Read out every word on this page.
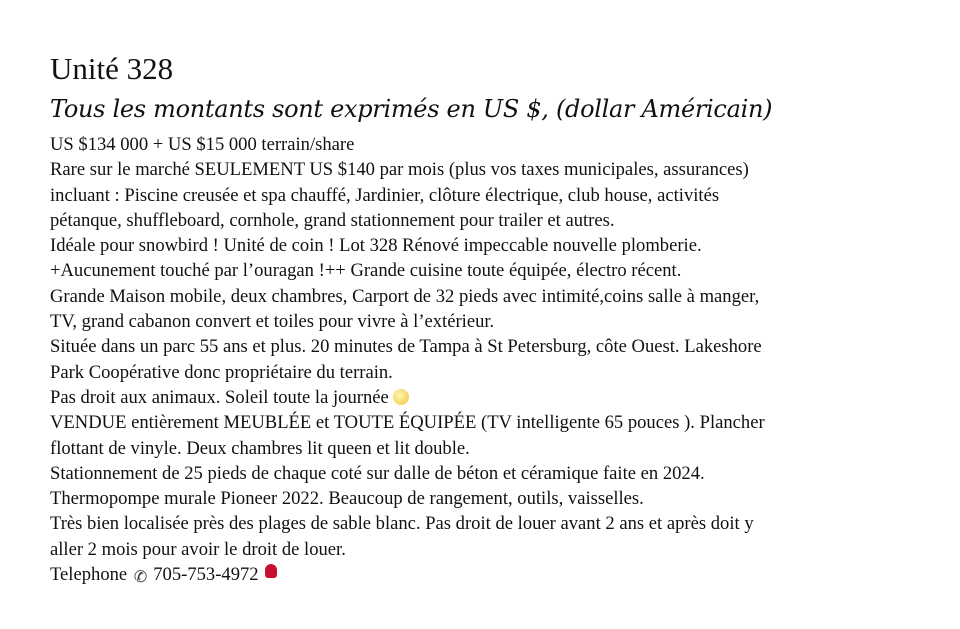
Unité 328
Tous les montants sont exprimés en US $, (dollar Américain)
US $134 000 + US $15 000 terrain/share
Rare sur le marché SEULEMENT US $140 par mois (plus vos taxes municipales, assurances)
incluant : Piscine creusée et spa chauffé, Jardinier, clôture électrique, club house, activités
pétanque, shuffleboard, cornhole, grand stationnement pour trailer et autres.
Idéale pour snowbird ! Unité de coin ! Lot 328 Rénové impeccable nouvelle plomberie.
+Aucunement touché par l’ouragan !++ Grande cuisine toute équipée, électro récent.
Grande Maison mobile, deux chambres, Carport de 32 pieds avec intimité,coins salle à manger,
TV, grand cabanon convert et toiles pour vivre à l’extérieur.
Située dans un parc 55 ans et plus. 20 minutes de Tampa à St Petersburg, côte Ouest. Lakeshore
Park Coopérative donc propriétaire du terrain.
Pas droit aux animaux. Soleil toute la journée
VENDUE entièrement MEUBLÉE et TOUTE ÉQUIPÉE (TV intelligente 65 pouces ). Plancher
flottant de vinyle. Deux chambres lit queen et lit double.
Stationnement de 25 pieds de chaque coté sur dalle de béton et céramique faite en 2024.
Thermopompe murale Pioneer 2022. Beaucoup de rangement, outils, vaisselles.
Très bien localisée près des plages de sable blanc. Pas droit de louer avant 2 ans et après doit y
aller 2 mois pour avoir le droit de louer.
Telephone ✆ 705-753-4972
